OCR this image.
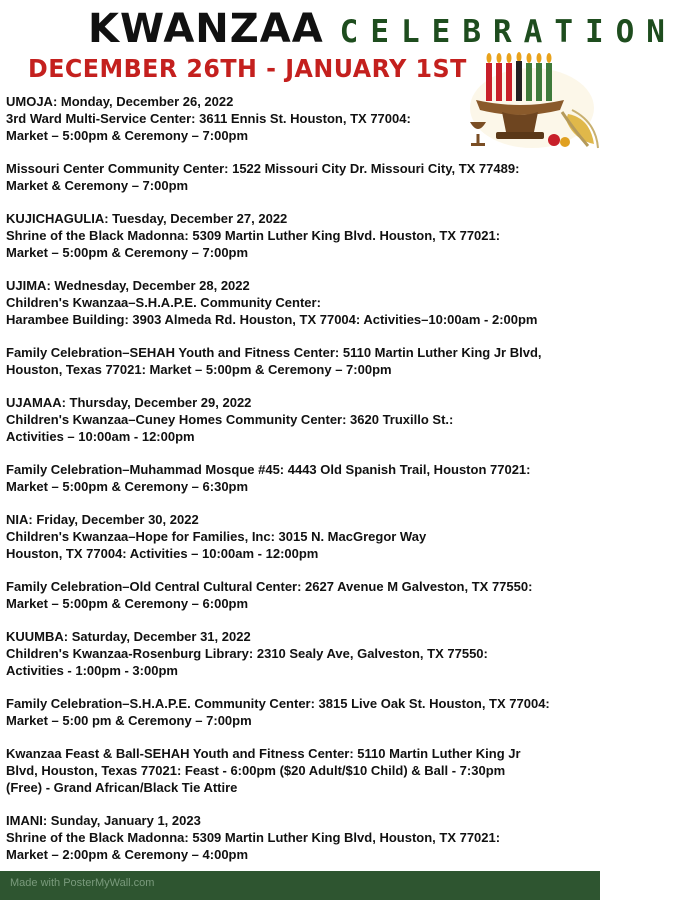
KWANZAA CELEBRATION
DECEMBER 26TH - JANUARY 1ST
UMOJA: Monday, December 26, 2022
3rd Ward Multi-Service Center: 3611 Ennis St. Houston, TX 77004:
Market – 5:00pm & Ceremony – 7:00pm
Missouri Center Community Center: 1522 Missouri City Dr. Missouri City, TX 77489:
Market & Ceremony – 7:00pm
KUJICHAGULIA: Tuesday, December 27, 2022
Shrine of the Black Madonna: 5309 Martin Luther King Blvd. Houston, TX 77021:
Market – 5:00pm & Ceremony – 7:00pm
UJIMA: Wednesday, December 28, 2022
Children's Kwanzaa–S.H.A.P.E. Community Center:
Harambee Building: 3903 Almeda Rd. Houston, TX 77004: Activities–10:00am - 2:00pm
Family Celebration–SEHAH Youth and Fitness Center: 5110 Martin Luther King Jr Blvd,
Houston, Texas 77021: Market – 5:00pm & Ceremony – 7:00pm
UJAMAA: Thursday, December 29, 2022
Children's Kwanzaa–Cuney Homes Community Center: 3620 Truxillo St.:
Activities – 10:00am - 12:00pm
Family Celebration–Muhammad Mosque #45: 4443 Old Spanish Trail, Houston 77021:
Market – 5:00pm & Ceremony – 6:30pm
NIA: Friday, December 30, 2022
Children's Kwanzaa–Hope for Families, Inc: 3015 N. MacGregor Way
Houston, TX 77004: Activities – 10:00am - 12:00pm
Family Celebration–Old Central Cultural Center: 2627 Avenue M Galveston, TX 77550:
Market – 5:00pm & Ceremony – 6:00pm
KUUMBA: Saturday, December 31, 2022
Children's Kwanzaa-Rosenburg Library: 2310 Sealy Ave, Galveston, TX 77550:
Activities - 1:00pm - 3:00pm
Family Celebration–S.H.A.P.E. Community Center: 3815 Live Oak St. Houston, TX 77004:
Market – 5:00 pm & Ceremony – 7:00pm
Kwanzaa Feast & Ball-SEHAH Youth and Fitness Center: 5110 Martin Luther King Jr
Blvd, Houston, Texas 77021: Feast - 6:00pm ($20 Adult/$10 Child) & Ball - 7:30pm
(Free) - Grand African/Black Tie Attire
IMANI: Sunday, January 1, 2023
Shrine of the Black Madonna: 5309 Martin Luther King Blvd, Houston, TX 77021:
Market – 2:00pm & Ceremony – 4:00pm
Made with PosterMyWall.com
